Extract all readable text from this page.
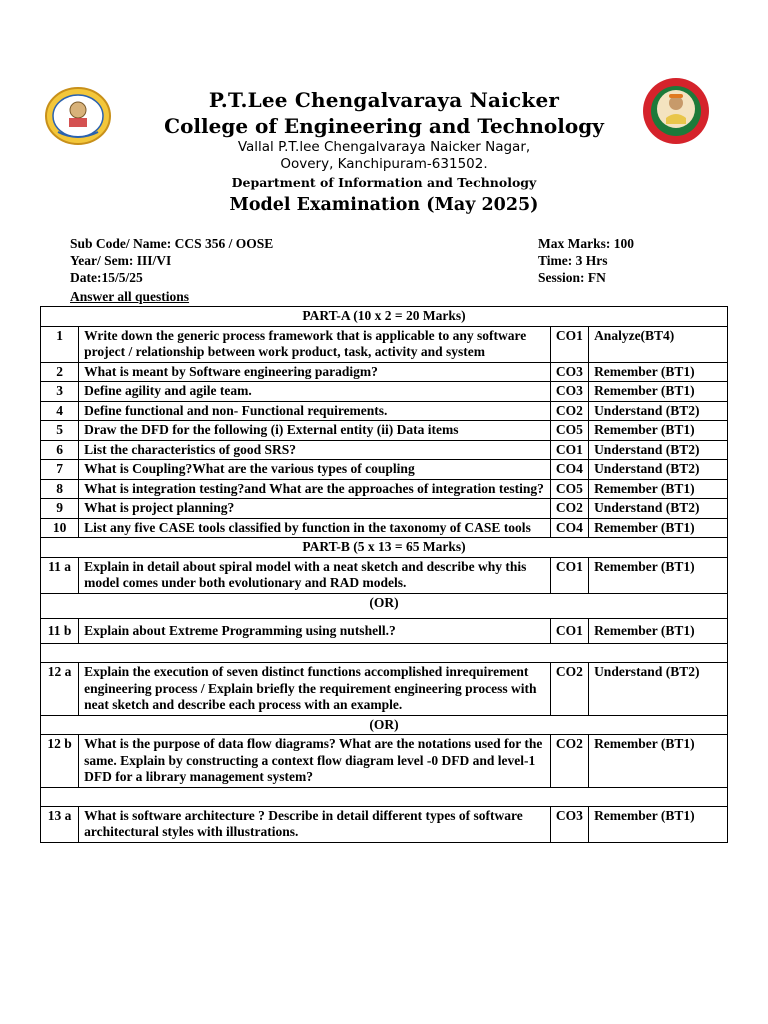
P.T.Lee Chengalvaraya Naicker
College of Engineering and Technology
Vallal P.T.lee Chengalvaraya Naicker Nagar,
Oovery, Kanchipuram-631502.
Department of Information and Technology
Model Examination (May 2025)
Sub Code/ Name: CCS 356 / OOSE
Year/ Sem: III/VI
Date:15/5/25
Max Marks: 100
Time: 3 Hrs
Session: FN
Answer all questions
PART-A (10 x 2 = 20 Marks)			
1	Write down the generic process framework that is applicable to any software project / relationship between work product, task, activity and system	CO1	Analyze(BT4)
2	What is meant by Software engineering paradigm?	CO3	Remember (BT1)
3	Define agility and agile team.	CO3	Remember (BT1)
4	Define functional and non- Functional requirements.	CO2	Understand (BT2)
5	Draw the DFD for the following (i) External entity (ii) Data items	CO5	Remember (BT1)
6	List the characteristics of good SRS?	CO1	Understand (BT2)
7	What is Coupling?What are the various types of coupling	CO4	Understand (BT2)
8	What is integration testing?and What are the approaches of integration testing?	CO5	Remember (BT1)
9	What is project planning?	CO2	Understand (BT2)
10	List any five CASE tools classified by function in the taxonomy of CASE tools	CO4	Remember (BT1)
PART-B (5 x 13 = 65 Marks)			
11 a	Explain in detail about spiral model with a neat sketch and describe why this model comes under both evolutionary and RAD models.	CO1	Remember (BT1)
(OR)			
11 b	Explain about Extreme Programming using nutshell.?	CO1	Remember (BT1)

12 a	Explain the execution of seven distinct functions accomplished inrequirement engineering process / Explain briefly the requirement engineering process with neat sketch and describe each process with an example.	CO2	Understand (BT2)
(OR)			
12 b	What is the purpose of data flow diagrams? What are the notations used for the same. Explain by constructing a context flow diagram level -0 DFD and level-1 DFD for a library management system?	CO2	Remember (BT1)

13 a	What is software architecture ? Describe in detail different types of software architectural styles with illustrations.	CO3	Remember (BT1)
